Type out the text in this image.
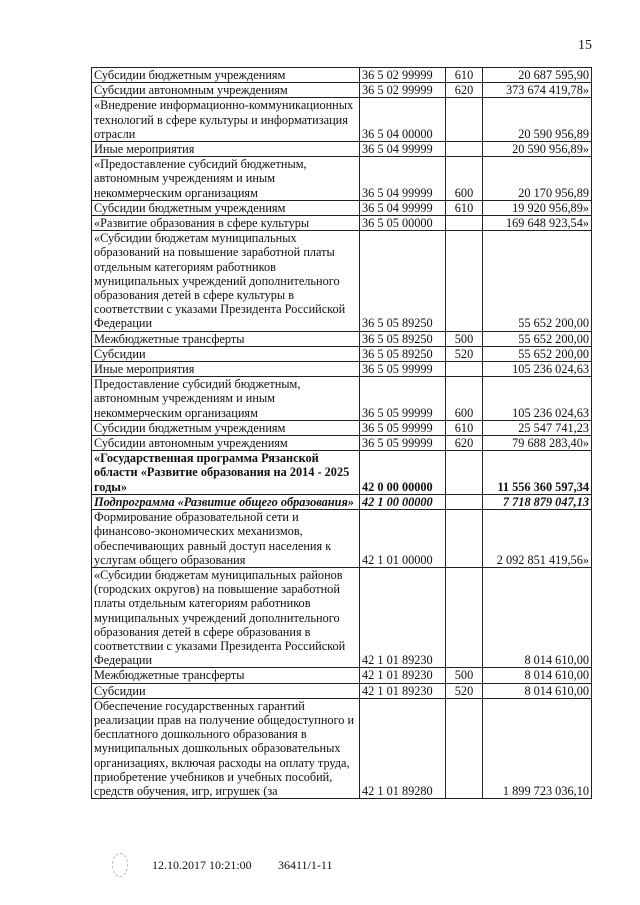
15
Субсидии бюджетным учреждениям	36 5 02 99999	610	20 687 595,90
Субсидии автономным учреждениям	36 5 02 99999	620	373 674 419,78»
«Внедрение информационно-коммуникационных технологий в сфере культуры и информатизация отрасли	36 5 04 00000		20 590 956,89
Иные мероприятия	36 5 04 99999		20 590 956,89»
«Предоставление субсидий бюджетным, автономным учреждениям и иным некоммерческим организациям	36 5 04 99999	600	20 170 956,89
Субсидии бюджетным учреждениям	36 5 04 99999	610	19 920 956,89»
«Развитие образования в сфере культуры	36 5 05 00000		169 648 923,54»
«Субсидии бюджетам муниципальных образований на повышение заработной платы отдельным категориям работников муниципальных учреждений дополнительного образования детей в сфере культуры в соответствии с указами Президента Российской Федерации	36 5 05 89250		55 652 200,00
Межбюджетные трансферты	36 5 05 89250	500	55 652 200,00
Субсидии	36 5 05 89250	520	55 652 200,00
Иные мероприятия	36 5 05 99999		105 236 024,63
Предоставление субсидий бюджетным, автономным учреждениям и иным некоммерческим организациям	36 5 05 99999	600	105 236 024,63
Субсидии бюджетным учреждениям	36 5 05 99999	610	25 547 741,23
Субсидии автономным учреждениям	36 5 05 99999	620	79 688 283,40»
«Государственная программа Рязанской области «Развитие образования на 2014 - 2025 годы»	42 0 00 00000		11 556 360 597,34
Подпрограмма «Развитие общего образования»	42 1 00 00000		7 718 879 047,13
Формирование образовательной сети и финансово-экономических механизмов, обеспечивающих равный доступ населения к услугам общего образования	42 1 01 00000		2 092 851 419,56»
«Субсидии бюджетам муниципальных районов (городских округов) на повышение заработной платы отдельным категориям работников муниципальных учреждений дополнительного образования детей в сфере образования в соответствии с указами Президента Российской Федерации	42 1 01 89230		8 014 610,00
Межбюджетные трансферты	42 1 01 89230	500	8 014 610,00
Субсидии	42 1 01 89230	520	8 014 610,00
Обеспечение государственных гарантий реализации прав на получение общедоступного и бесплатного дошкольного образования в муниципальных дошкольных образовательных организациях, включая расходы на оплату труда, приобретение учебников и учебных пособий, средств обучения, игр, игрушек (за	42 1 01 89280		1 899 723 036,10
12.10.2017 10:21:00 36411/1-11
